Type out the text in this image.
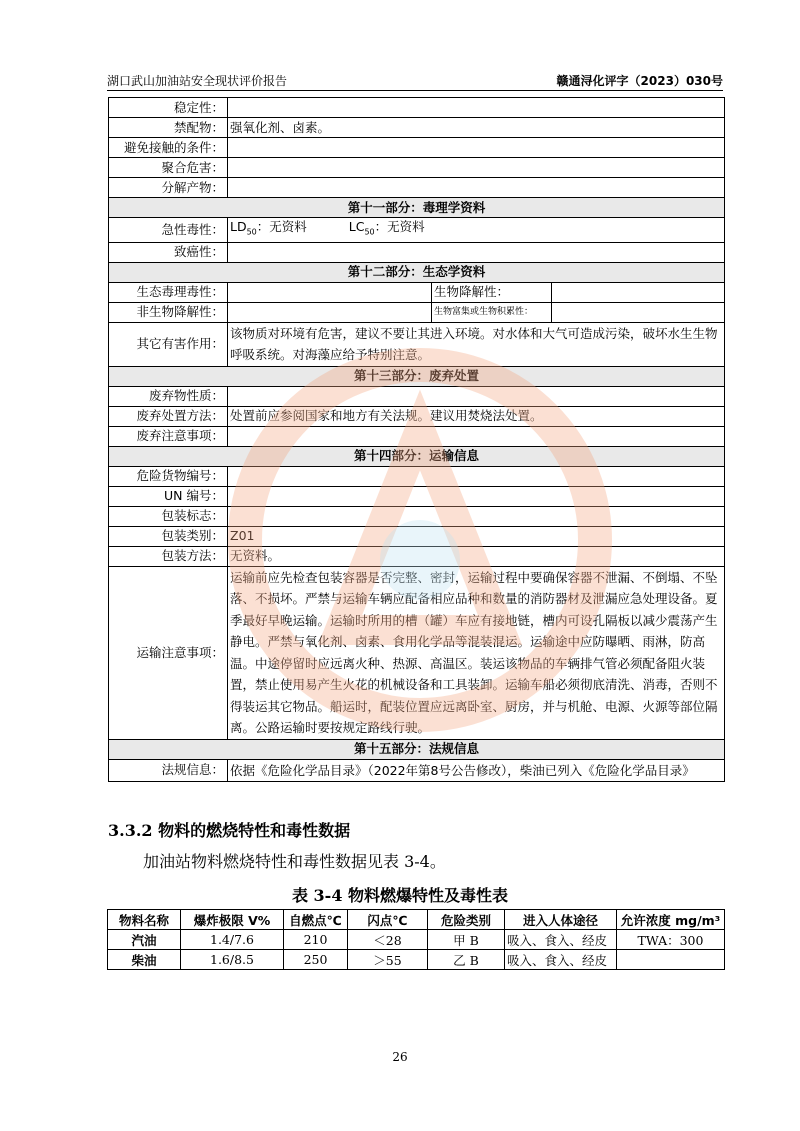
湖口武山加油站安全现状评价报告	赣通浔化评字（2023）030号
稳定性：			
禁配物：	强氧化剂、卤素。		
避免接触的条件：			
聚合危害：			
分解产物：			
第十一部分：毒理学资料			
急性毒性：	$LD_{50}$：无资料 $LC_{50}$：无资料		
致癌性：			
第十二部分：生态学资料			
生态毒理毒性：		生物降解性：	
非生物降解性：		生物富集或生物积累性：	
其它有害作用：	该物质对环境有危害，建议不要让其进入环境。对水体和大气可造成污染，破坏水生生物呼吸系统。对海藻应给予特别注意。		
第十三部分：废弃处置			
废弃物性质：			
废弃处置方法：	处置前应参阅国家和地方有关法规。建议用焚烧法处置。		
废弃注意事项：			
第十四部分：运输信息			
危险货物编号：			
UN 编号：			
包装标志：			
包装类别：	Z01		
包装方法：	无资料。		
运输注意事项：	运输前应先检查包装容器是否完整、密封，运输过程中要确保容器不泄漏、不倒塌、不坠落、不损坏。严禁与运输车辆应配备相应品种和数量的消防器材及泄漏应急处理设备。夏季最好早晚运输。运输时所用的槽（罐）车应有接地链，槽内可设孔隔板以减少震荡产生静电。严禁与氧化剂、卤素、食用化学品等混装混运。运输途中应防曝晒、雨淋，防高温。中途停留时应远离火种、热源、高温区。装运该物品的车辆排气管必须配备阻火装置，禁止使用易产生火花的机械设备和工具装卸。运输车船必须彻底清洗、消毒，否则不得装运其它物品。船运时，配装位置应远离卧室、厨房，并与机舱、电源、火源等部位隔离。公路运输时要按规定路线行驶。		
第十五部分：法规信息			
法规信息：	依据《危险化学品目录》（2022年第8号公告修改），柴油已列入《危险化学品目录》		
3.3.2 物料的燃烧特性和毒性数据
加油站物料燃烧特性和毒性数据见表 3-4。
表 3-4 物料燃爆特性及毒性表
物料名称	爆炸极限 V%	自燃点℃	闪点℃	危险类别	进入人体途径	允许浓度 mg/m³
汽油	1.4/7.6	210	＜28	甲 B	吸入、食入、经皮	TWA：300
柴油	1.6/8.5	250	＞55	乙 B	吸入、食入、经皮	
26
